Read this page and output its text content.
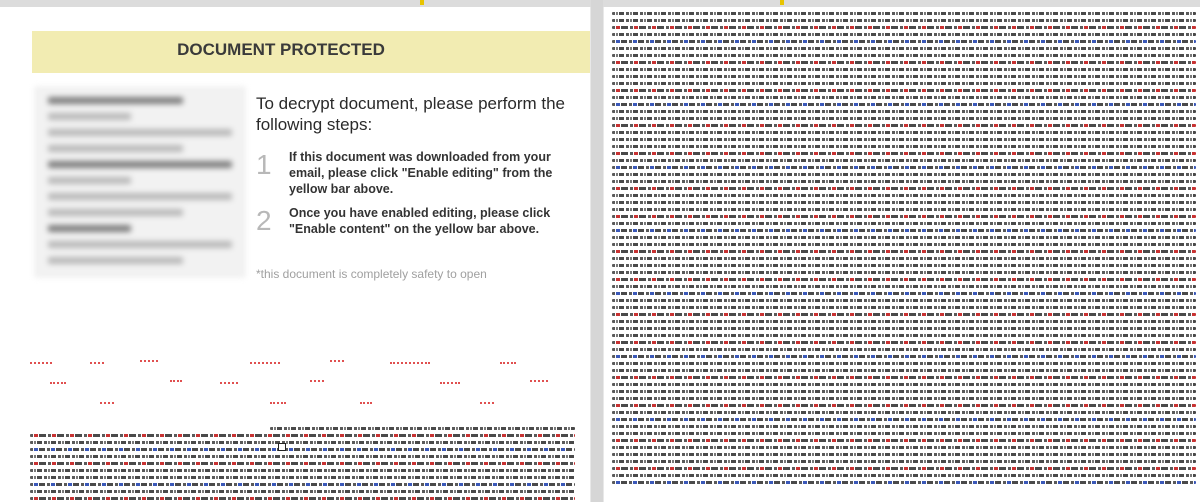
DOCUMENT PROTECTED
To decrypt document, please perform the following steps:
1 If this document was downloaded from your email, please click "Enable editing" from the yellow bar above.
2 Once you have enabled editing, please click "Enable content" on the yellow bar above.
*this document is completely safety to open
